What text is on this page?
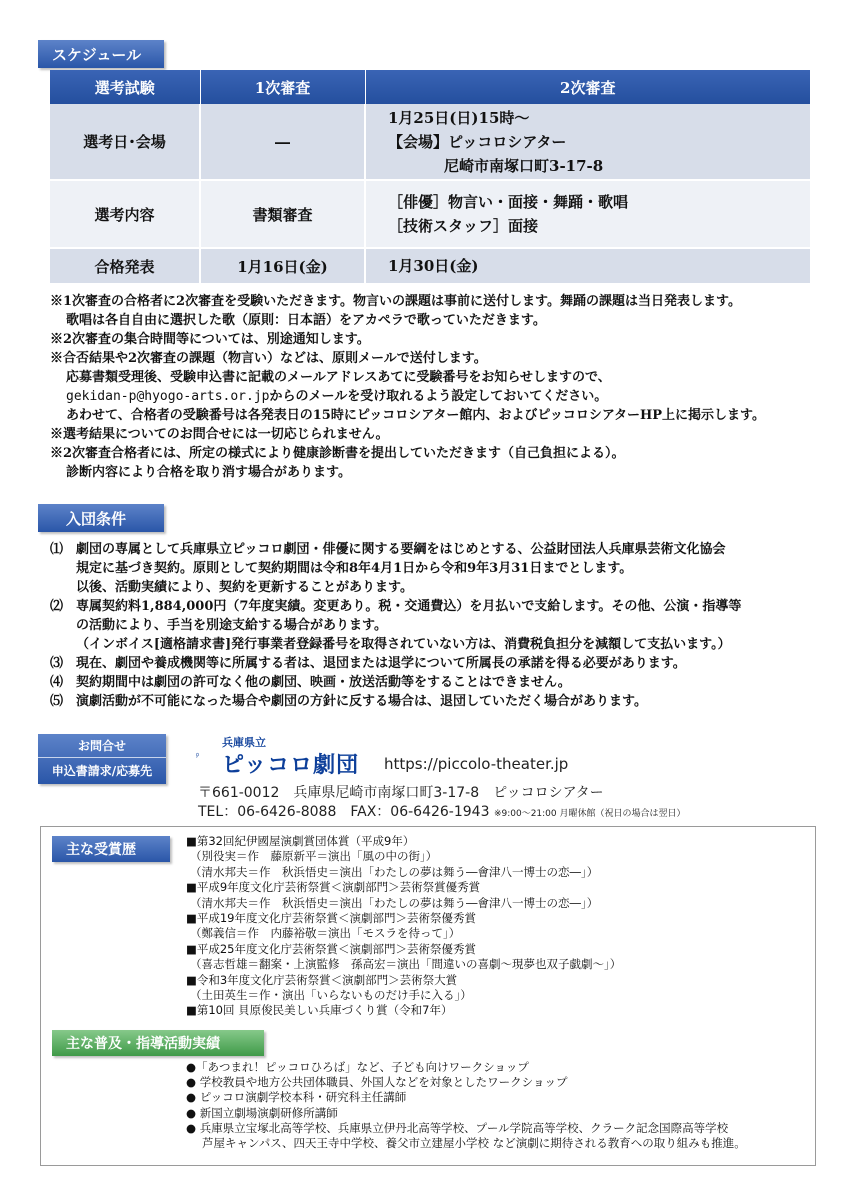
スケジュール
選考試験	1次審査	2次審査
選考日･会場	―	1月25日(日)15時～
【会場】ピッコロシアター
尼崎市南塚口町3-17-8

選考内容	書類審査	［俳優］物言い・面接・舞踊・歌唱
［技術スタッフ］面接

合格発表	1月16日(金)	1月30日(金)
※1次審査の合格者に2次審査を受験いただきます。物言いの課題は事前に送付します。舞踊の課題は当日発表します。
歌唱は各自自由に選択した歌（原則：日本語）をアカペラで歌っていただきます。
※2次審査の集合時間等については、別途通知します。
※合否結果や2次審査の課題（物言い）などは、原則メールで送付します。
応募書類受理後、受験申込書に記載のメールアドレスあてに受験番号をお知らせしますので、
gekidan-p@hyogo-arts.or.jpからのメールを受け取れるよう設定しておいてください。
あわせて、合格者の受験番号は各発表日の15時にピッコロシアター館内、およびピッコロシアターHP上に掲示します。
※選考結果についてのお問合せには一切応じられません。
※2次審査合格者には、所定の様式により健康診断書を提出していただきます（自己負担による）。
診断内容により合格を取り消す場合があります。
入団条件
⑴ 劇団の専属として兵庫県立ピッコロ劇団・俳優に関する要綱をはじめとする、公益財団法人兵庫県芸術文化協会
規定に基づき契約。原則として契約期間は令和8年4月1日から令和9年3月31日までとします。
以後、活動実績により、契約を更新することがあります。
⑵ 専属契約料1,884,000円（7年度実績。変更あり。税・交通費込）を月払いで支給します。その他、公演・指導等
の活動により、手当を別途支給する場合があります。
（インボイス[適格請求書]発行事業者登録番号を取得されていない方は、消費税負担分を減額して支払います。）
⑶ 現在、劇団や養成機関等に所属する者は、退団または退学について所属長の承諾を得る必要があります。
⑷ 契約期間中は劇団の許可なく他の劇団、映画・放送活動等をすることはできません。
⑸ 演劇活動が不可能になった場合や劇団の方針に反する場合は、退団していただく場合があります。
お問合せ
申込書請求/応募先
兵庫県立
ピッコロ劇団 https://piccolo-theater.jp
〒661-0012　兵庫県尼崎市南塚口町3-17-8　ピッコロシアター
TEL：06-6426-8088　FAX：06-6426-1943 ※9:00～21:00 月曜休館（祝日の場合は翌日）
主な受賞歴
■第32回紀伊國屋演劇賞団体賞（平成9年）
（別役実＝作　藤原新平＝演出「風の中の街」）
（清水邦夫＝作　秋浜悟史＝演出「わたしの夢は舞う―會津八一博士の恋―」）
■平成9年度文化庁芸術祭賞＜演劇部門＞芸術祭賞優秀賞
（清水邦夫＝作　秋浜悟史＝演出「わたしの夢は舞う―會津八一博士の恋―」）
■平成19年度文化庁芸術祭賞＜演劇部門＞芸術祭優秀賞
（鄭義信＝作　内藤裕敬＝演出「モスラを待って」）
■平成25年度文化庁芸術祭賞＜演劇部門＞芸術祭優秀賞
（喜志哲雄＝翻案・上演監修　孫高宏＝演出「間違いの喜劇～現夢也双子戯劇～」）
■令和3年度文化庁芸術祭賞＜演劇部門＞芸術祭大賞
（土田英生＝作・演出「いらないものだけ手に入る」）
■第10回 貝原俊民美しい兵庫づくり賞（令和7年）
主な普及・指導活動実績
●「あつまれ！ピッコロひろば」など、子ども向けワークショップ
● 学校教員や地方公共団体職員、外国人などを対象としたワークショップ
● ピッコロ演劇学校本科・研究科主任講師
● 新国立劇場演劇研修所講師
● 兵庫県立宝塚北高等学校、兵庫県立伊丹北高等学校、プール学院高等学校、クラーク記念国際高等学校
芦屋キャンパス、四天王寺中学校、養父市立建屋小学校 など演劇に期待される教育への取り組みも推進。
